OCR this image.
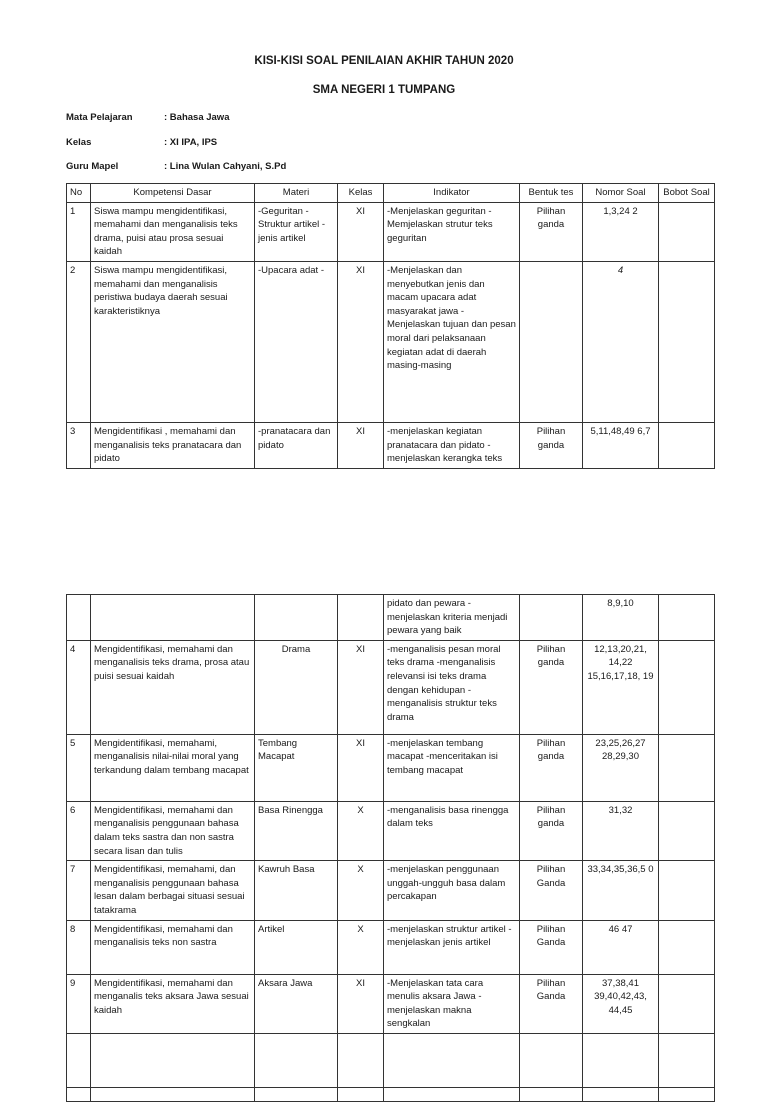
KISI-KISI SOAL PENILAIAN AKHIR TAHUN 2020
SMA NEGERI 1 TUMPANG
Mata Pelajaran	: Bahasa Jawa
Kelas	: XI IPA, IPS
Guru Mapel	: Lina Wulan Cahyani, S.Pd
No	Kompetensi Dasar	Materi	Kelas	Indikator	Bentuk tes	Nomor Soal	Bobot Soal
1	Siswa mampu mengidentifikasi, memahami dan menganalisis teks drama, puisi atau prosa sesuai kaidah	-Geguritan -Struktur artikel -jenis artikel	XI	-Menjelaskan geguritan -Memjelaskan strutur teks geguritan	Pilihan ganda	1,3,24 2	
2	Siswa mampu mengidentifikasi, memahami dan menganalisis peristiwa budaya daerah sesuai karakteristiknya	-Upacara adat -	XI	-Menjelaskan dan menyebutkan jenis dan macam upacara adat masyarakat jawa -Menjelaskan tujuan dan pesan moral dari pelaksanaan kegiatan adat di daerah masing-masing		4	
3	Mengidentifikasi , memahami dan menganalisis teks pranatacara dan pidato	-pranatacara dan pidato	XI	-menjelaskan kegiatan pranatacara dan pidato -menjelaskan kerangka teks	Pilihan ganda	5,11,48,49 6,7	
				pidato dan pewara -menjelaskan kriteria menjadi pewara yang baik		8,9,10	
4	Mengidentifikasi, memahami dan menganalisis teks drama, prosa atau puisi sesuai kaidah	Drama	XI	-menganalisis pesan moral teks drama -menganalisis relevansi isi teks drama dengan kehidupan -menganalisis struktur teks drama	Pilihan ganda	12,13,20,21, 14,22 15,16,17,18, 19	
5	Mengidentifikasi, memahami, menganalisis nilai-nilai moral yang terkandung dalam tembang macapat	Tembang Macapat	XI	-menjelaskan tembang macapat -menceritakan isi tembang macapat	Pilihan ganda	23,25,26,27 28,29,30	
6	Mengidentifikasi, memahami dan menganalisis penggunaan bahasa dalam teks sastra dan non sastra secara lisan dan tulis	Basa Rinengga	X	-menganalisis basa rinengga dalam teks	Pilihan ganda	31,32	
7	Mengidentifikasi, memahami, dan menganalisis penggunaan bahasa lesan dalam berbagai situasi sesuai tatakrama	Kawruh Basa	X	-menjelaskan penggunaan unggah-ungguh basa dalam percakapan	Pilihan Ganda	33,34,35,36,5 0	
8	Mengidentifikasi, memahami dan menganalisis teks non sastra	Artikel	X	-menjelaskan struktur artikel -menjelaskan jenis artikel	Pilihan Ganda	46 47	
9	Mengidentifikasi, memahami dan menganalis teks aksara Jawa sesuai kaidah	Aksara Jawa	XI	-Menjelaskan tata cara menulis aksara Jawa -menjelaskan makna sengkalan	Pilihan Ganda	37,38,41 39,40,42,43, 44,45	
